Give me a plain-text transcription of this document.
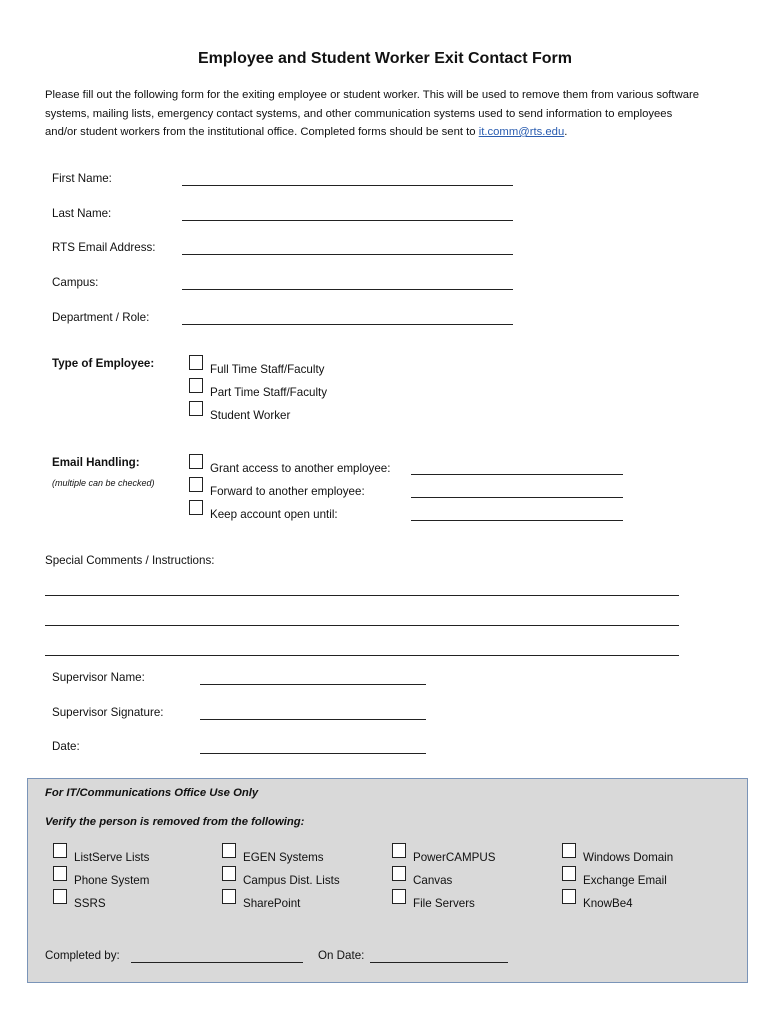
Employee and Student Worker Exit Contact Form
Please fill out the following form for the exiting employee or student worker. This will be used to remove them from various software systems, mailing lists, emergency contact systems, and other communication systems used to send information to employees and/or student workers from the institutional office. Completed forms should be sent to it.comm@rts.edu.
First Name:
Last Name:
RTS Email Address:
Campus:
Department / Role:
Type of Employee:	Full Time Staff/Faculty
Part Time Staff/Faculty
Student Worker
Email Handling:
(multiple can be checked)
Grant access to another employee:
Forward to another employee:
Keep account open until:
Special Comments / Instructions:
Supervisor Name:
Supervisor Signature:
Date:
For IT/Communications Office Use Only
Verify the person is removed from the following:
ListServe Lists
Phone System
SSRS
EGEN Systems
Campus Dist. Lists
SharePoint
PowerCAMPUS
Canvas
File Servers
Windows Domain
Exchange Email
KnowBe4
Completed by:	On Date:
